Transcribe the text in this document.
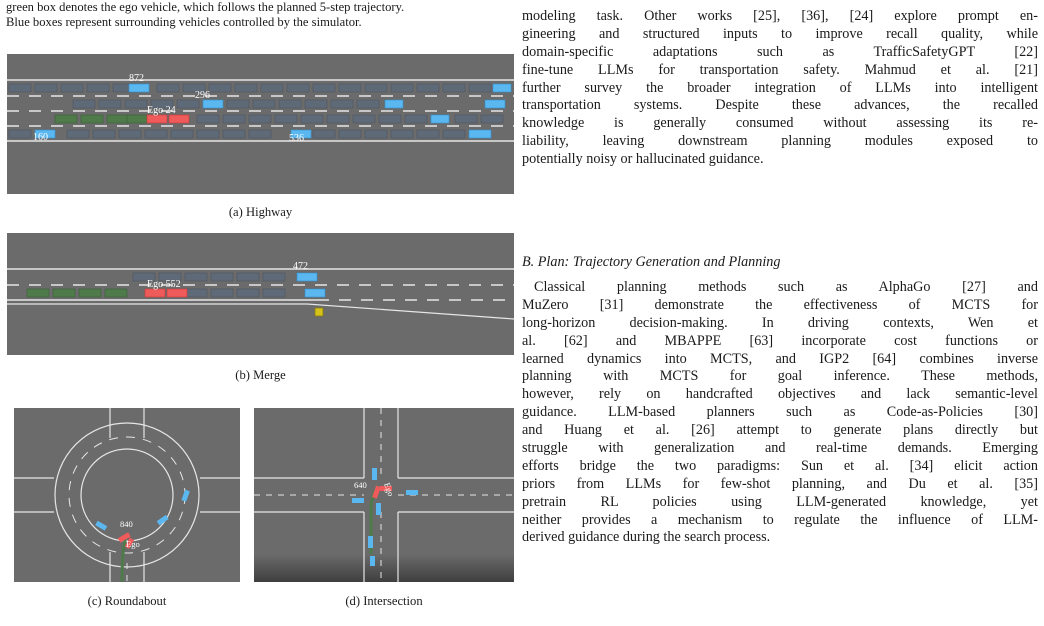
green box denotes the ego vehicle, which follows the planned 5-step trajectory.
Blue boxes represent surrounding vehicles controlled by the simulator.
872
296
Ego 24
160	536
(a) Highway
472
Ego 552
(b) Merge
840
Ego
(c) Roundabout
640 Ego
(d) Intersection
modeling task. Other works [25], [36], [24] explore prompt en-
gineering and structured inputs to improve recall quality, while
domain-specific adaptations such as TrafficSafetyGPT [22]
fine-tune LLMs for transportation safety. Mahmud et al. [21]
further survey the broader integration of LLMs into intelligent
transportation systems. Despite these advances, the recalled
knowledge is generally consumed without assessing its re-
liability, leaving downstream planning modules exposed to
potentially noisy or hallucinated guidance.
B. Plan: Trajectory Generation and Planning
Classical planning methods such as AlphaGo [27] and
MuZero [31] demonstrate the effectiveness of MCTS for
long-horizon decision-making. In driving contexts, Wen et
al. [62] and MBAPPE [63] incorporate cost functions or
learned dynamics into MCTS, and IGP2 [64] combines inverse
planning with MCTS for goal inference. These methods,
however, rely on handcrafted objectives and lack semantic-level
guidance. LLM-based planners such as Code-as-Policies [30]
and Huang et al. [26] attempt to generate plans directly but
struggle with generalization and real-time demands. Emerging
efforts bridge the two paradigms: Sun et al. [34] elicit action
priors from LLMs for few-shot planning, and Du et al. [35]
pretrain RL policies using LLM-generated knowledge, yet
neither provides a mechanism to regulate the influence of LLM-
derived guidance during the search process.
